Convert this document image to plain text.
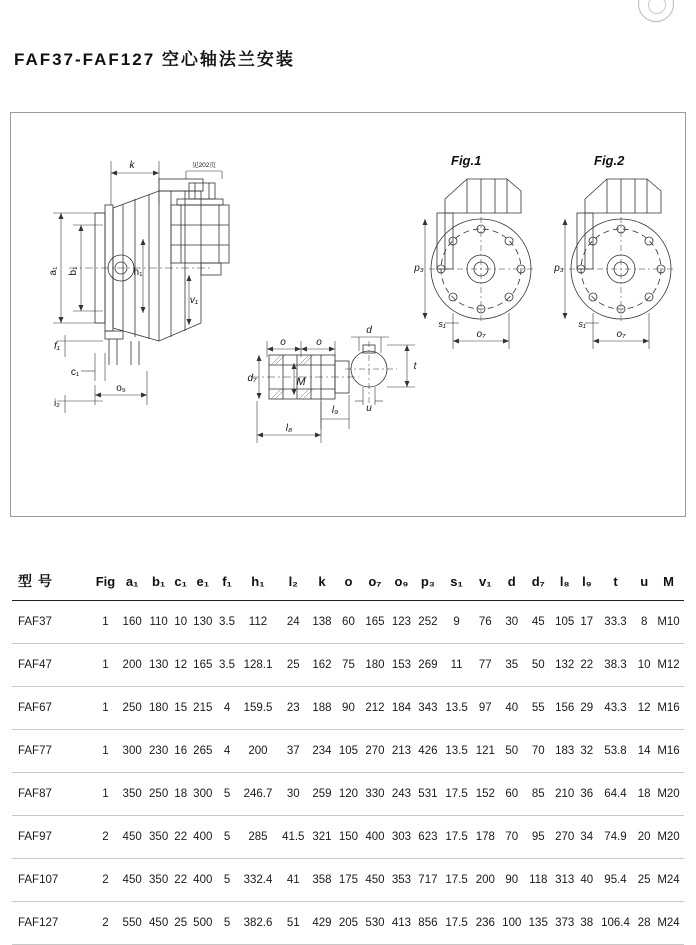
FAF37-FAF127 空心轴法兰安装
k	见202页
a₁ b₁	h₁
v₁
f₁
c₁
i₂
o₉
o	o
d₇	M
l₉
l₈
d
t
u
Fig.1
p₃
s₁
o₇
Fig.2
p₃
s₁
o₇
型 号	Fig	a₁	b₁	c₁	e₁	f₁	h₁	l₂	k	o	o₇	o₉	p₃	s₁	v₁	d	d₇	l₈	l₉	t	u	M
FAF37	1	160	110	10	130	3.5	112	24	138	60	165	123	252	9	76	30	45	105	17	33.3	8	M10
FAF47	1	200	130	12	165	3.5	128.1	25	162	75	180	153	269	11	77	35	50	132	22	38.3	10	M12
FAF67	1	250	180	15	215	4	159.5	23	188	90	212	184	343	13.5	97	40	55	156	29	43.3	12	M16
FAF77	1	300	230	16	265	4	200	37	234	105	270	213	426	13.5	121	50	70	183	32	53.8	14	M16
FAF87	1	350	250	18	300	5	246.7	30	259	120	330	243	531	17.5	152	60	85	210	36	64.4	18	M20
FAF97	2	450	350	22	400	5	285	41.5	321	150	400	303	623	17.5	178	70	95	270	34	74.9	20	M20
FAF107	2	450	350	22	400	5	332.4	41	358	175	450	353	717	17.5	200	90	118	313	40	95.4	25	M24
FAF127	2	550	450	25	500	5	382.6	51	429	205	530	413	856	17.5	236	100	135	373	38	106.4	28	M24
